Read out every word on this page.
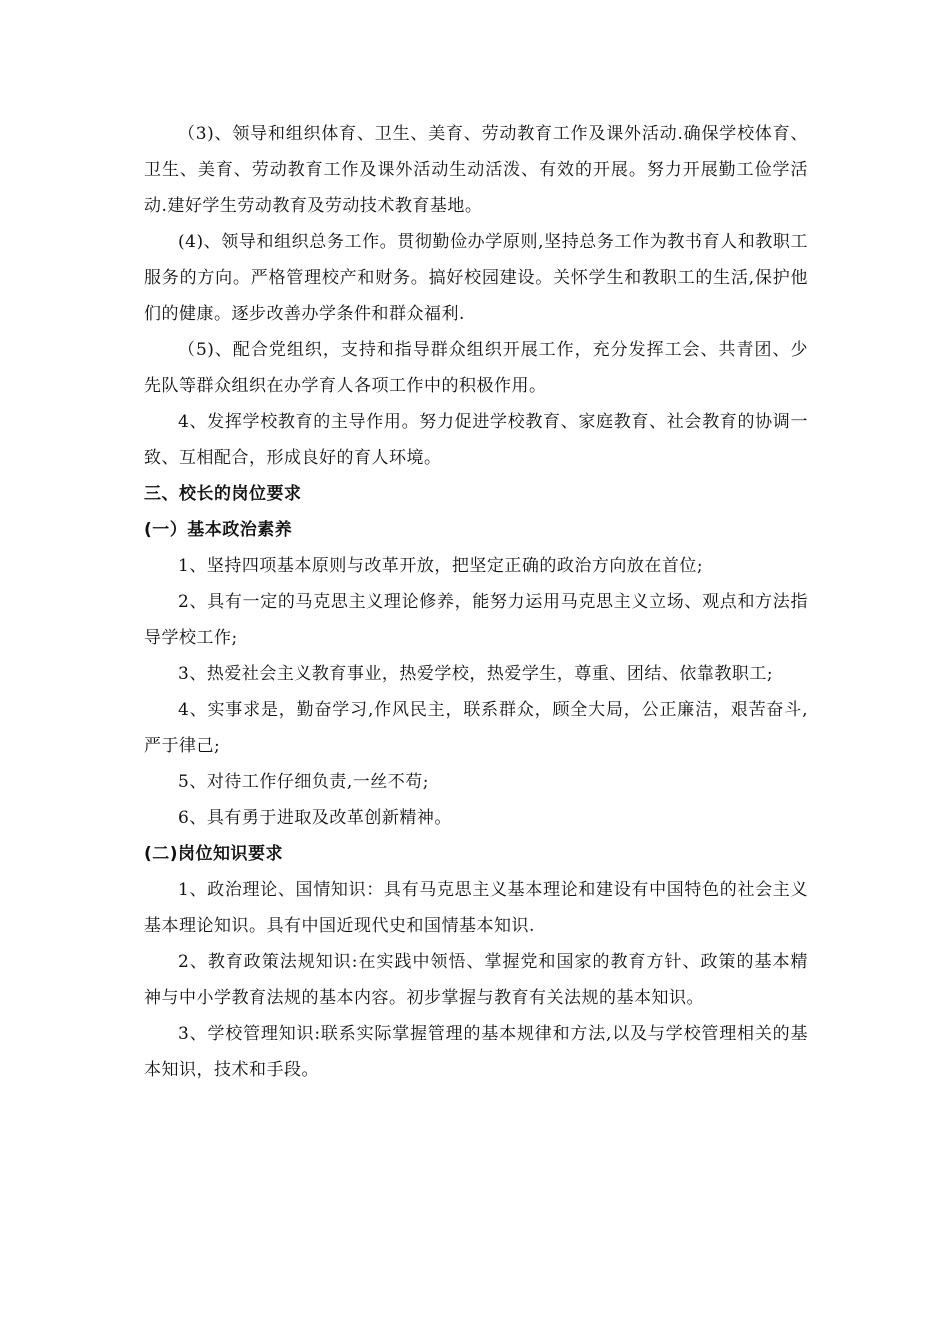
（3)、领导和组织体育、卫生、美育、劳动教育工作及课外活动.确保学校体育、卫生、美育、劳动教育工作及课外活动生动活泼、有效的开展。努力开展勤工俭学活动.建好学生劳动教育及劳动技术教育基地。

(4)、领导和组织总务工作。贯彻勤俭办学原则,坚持总务工作为教书育人和教职工服务的方向。严格管理校产和财务。搞好校园建设。关怀学生和教职工的生活,保护他们的健康。逐步改善办学条件和群众福利.

（5)、配合党组织，支持和指导群众组织开展工作，充分发挥工会、共青团、少先队等群众组织在办学育人各项工作中的积极作用。

4、发挥学校教育的主导作用。努力促进学校教育、家庭教育、社会教育的协调一致、互相配合，形成良好的育人环境。

三、校长的岗位要求

(一）基本政治素养

1、坚持四项基本原则与改革开放，把坚定正确的政治方向放在首位;

2、具有一定的马克思主义理论修养，能努力运用马克思主义立场、观点和方法指导学校工作;

3、热爱社会主义教育事业，热爱学校，热爱学生，尊重、团结、依靠教职工;

4、实事求是，勤奋学习,作风民主，联系群众，顾全大局，公正廉洁，艰苦奋斗,严于律己;

5、对待工作仔细负责,一丝不苟;

6、具有勇于进取及改革创新精神。

(二)岗位知识要求

1、政治理论、国情知识：具有马克思主义基本理论和建设有中国特色的社会主义基本理论知识。具有中国近现代史和国情基本知识.

2、教育政策法规知识:在实践中领悟、掌握党和国家的教育方针、政策的基本精神与中小学教育法规的基本内容。初步掌握与教育有关法规的基本知识。

3、学校管理知识:联系实际掌握管理的基本规律和方法,以及与学校管理相关的基本知识，技术和手段。
